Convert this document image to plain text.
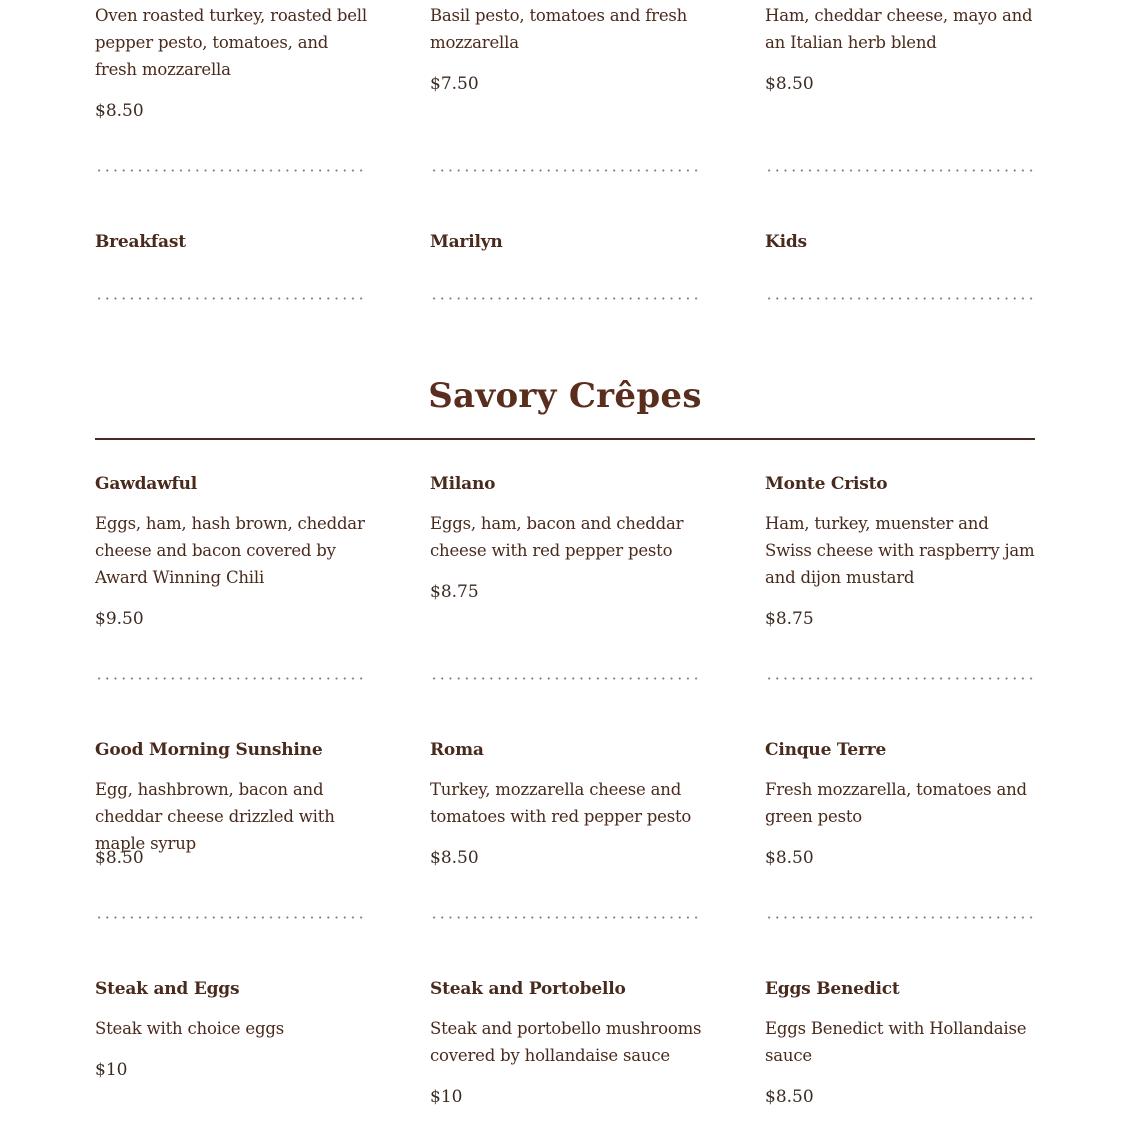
Oven roasted turkey, roasted bell pepper pesto, tomatoes, and fresh mozzarella
$8.50
Basil pesto, tomatoes and fresh mozzarella
$7.50
Ham, cheddar cheese, mayo and an Italian herb blend
$8.50
Breakfast	Marilyn	Kids
Savory Crêpes
Gawdawful
Eggs, ham, hash brown, cheddar cheese and bacon covered by Award Winning Chili
$9.50
Milano
Eggs, ham, bacon and cheddar cheese with red pepper pesto
$8.75
Monte Cristo
Ham, turkey, muenster and Swiss cheese with raspberry jam and dijon mustard
$8.75
Good Morning Sunshine
Egg, hashbrown, bacon and cheddar cheese drizzled with maple syrup
$8.50
Roma
Turkey, mozzarella cheese and tomatoes with red pepper pesto
$8.50
Cinque Terre
Fresh mozzarella, tomatoes and green pesto
$8.50
Steak and Eggs
Steak with choice eggs
$10
Steak and Portobello
Steak and portobello mushrooms covered by hollandaise sauce
$10
Eggs Benedict
Eggs Benedict with Hollandaise sauce
$8.50
